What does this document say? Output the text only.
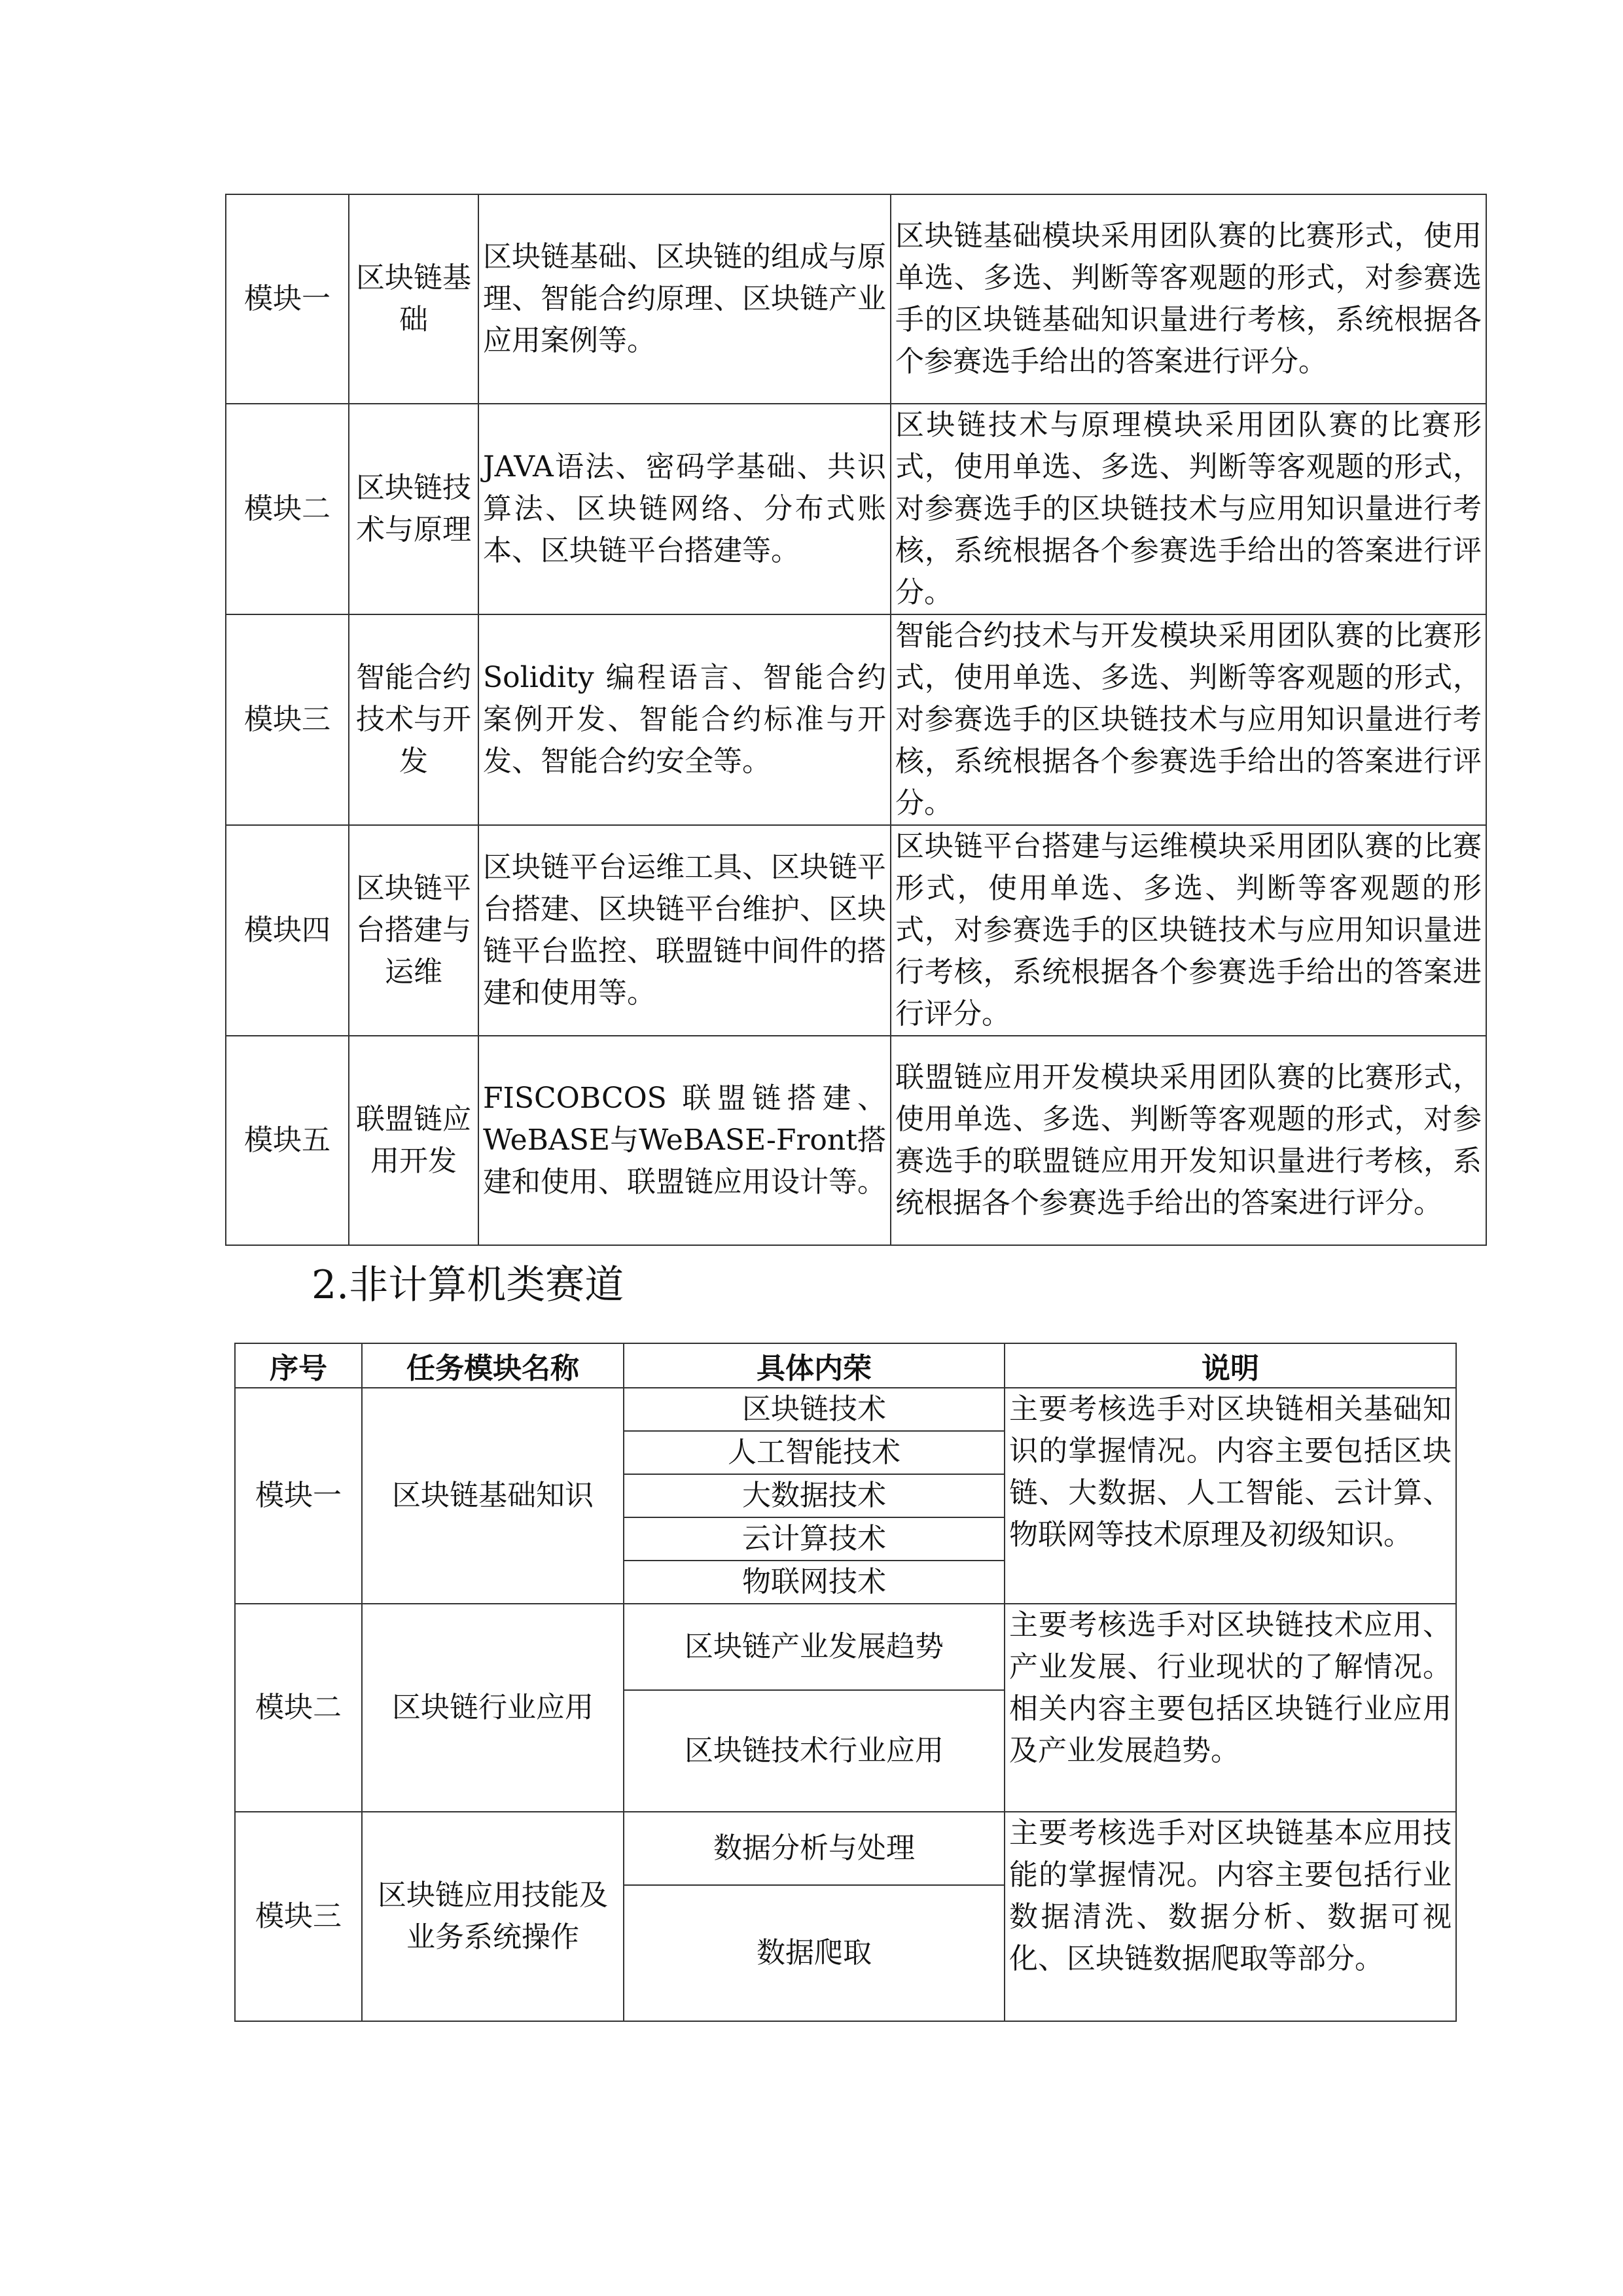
模块一	区块链基础	区块链基础、区块链的组成与原理、智能合约原理、区块链产业应用案例等。	区块链基础模块采用团队赛的比赛形式，使用单选、多选、判断等客观题的形式，对参赛选手的区块链基础知识量进行考核，系统根据各个参赛选手给出的答案进行评分。
模块二	区块链技术与原理	JAVA语法、密码学基础、共识算法、区块链网络、分布式账本、区块链平台搭建等。	区块链技术与原理模块采用团队赛的比赛形式，使用单选、多选、判断等客观题的形式，对参赛选手的区块链技术与应用知识量进行考核，系统根据各个参赛选手给出的答案进行评分。
模块三	智能合约技术与开发	Solidity 编程语言、智能合约案例开发、智能合约标准与开发、智能合约安全等。	智能合约技术与开发模块采用团队赛的比赛形式，使用单选、多选、判断等客观题的形式，对参赛选手的区块链技术与应用知识量进行考核，系统根据各个参赛选手给出的答案进行评分。
模块四	区块链平台搭建与运维	区块链平台运维工具、区块链平台搭建、区块链平台维护、区块链平台监控、联盟链中间件的搭建和使用等。	区块链平台搭建与运维模块采用团队赛的比赛形式，使用单选、多选、判断等客观题的形式，对参赛选手的区块链技术与应用知识量进行考核，系统根据各个参赛选手给出的答案进行评分。
模块五	联盟链应用开发	FISCOBCOS 联盟链搭建、WeBASE与WeBASE-Front搭建和使用、联盟链应用设计等。	联盟链应用开发模块采用团队赛的比赛形式，使用单选、多选、判断等客观题的形式，对参赛选手的联盟链应用开发知识量进行考核，系统根据各个参赛选手给出的答案进行评分。
2.非计算机类赛道
序号	任务模块名称	具体内荣	说明
模块一	区块链基础知识	区块链技术	主要考核选手对区块链相关基础知 识的掌握情况。内容主要包括区块 链、大数据、人工智能、云计算、物联网等技术原理及初级知识。
		人工智能技术	
		大数据技术	
		云计算技术	
		物联网技术	
模块二	区块链行业应用	区块链产业发展趋势	主要考核选手对区块链技术应用、 产业发展、行业现状的了解情况。 相关内容主要包括区块链行业应用 及产业发展趋势。
		区块链技术行业应用	
模块三	区块链应用技能及业务系统操作	数据分析与处理	主要考核选手对区块链基本应用技能的掌握情况。内容主要包括行业 数据清洗、数据分析、数据可视化、区块链数据爬取等部分。
		数据爬取	
